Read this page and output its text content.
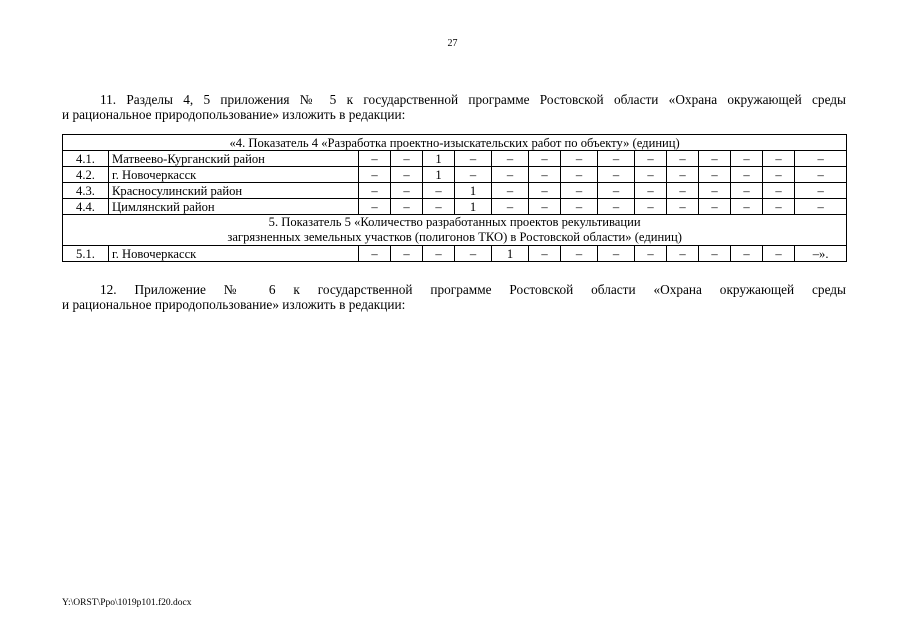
27
11. Разделы 4, 5 приложения № 5 к государственной программе Ростовской области «Охрана окружающей среды
и рациональное природопользование» изложить в редакции:
«4. Показатель 4 «Разработка проектно-изыскательских работ по объекту» (единиц)															
4.1.	Матвеево-Курганский район	–	–	1	–	–	–	–	–	–	–	–	–	–	–
4.2.	г. Новочеркасск	–	–	1	–	–	–	–	–	–	–	–	–	–	–
4.3.	Красносулинский район	–	–	–	1	–	–	–	–	–	–	–	–	–	–
4.4.	Цимлянский район	–	–	–	1	–	–	–	–	–	–	–	–	–	–
5. Показатель 5 «Количество разработанных проектов рекультивации
загрязненных земельных участков (полигонов ТКО) в Ростовской области» (единиц)															
5.1.	г. Новочеркасск	–	–	–	–	1	–	–	–	–	–	–	–	–	–».
12. Приложение № 6 к государственной программе Ростовской области «Охрана окружающей среды
и рациональное природопользование» изложить в редакции:
Y:\ORST\Ppo\1019p101.f20.docx
